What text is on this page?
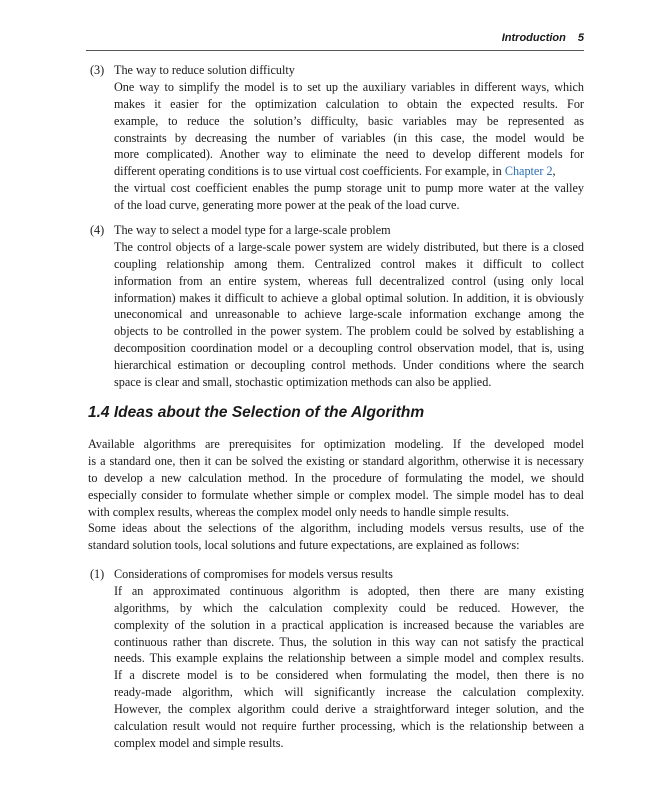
Introduction 5
(3) The way to reduce solution difficulty
One way to simplify the model is to set up the auxiliary variables in different ways, which
makes it easier for the optimization calculation to obtain the expected results. For
example, to reduce the solution’s difficulty, basic variables may be represented as
constraints by decreasing the number of variables (in this case, the model would be
more complicated). Another way to eliminate the need to develop different models for
different operating conditions is to use virtual cost coefficients. For example, in Chapter 2,
the virtual cost coefficient enables the pump storage unit to pump more water at the valley
of the load curve, generating more power at the peak of the load curve.
(4) The way to select a model type for a large-scale problem
The control objects of a large-scale power system are widely distributed, but there is a closed
coupling relationship among them. Centralized control makes it difficult to collect
information from an entire system, whereas full decentralized control (using only local
information) makes it difficult to achieve a global optimal solution. In addition, it is obviously
uneconomical and unreasonable to achieve large-scale information exchange among the
objects to be controlled in the power system. The problem could be solved by establishing a
decomposition coordination model or a decoupling control observation model, that is, using
hierarchical estimation or decoupling control methods. Under conditions where the search
space is clear and small, stochastic optimization methods can also be applied.
1.4 Ideas about the Selection of the Algorithm
Available algorithms are prerequisites for optimization modeling. If the developed model
is a standard one, then it can be solved the existing or standard algorithm, otherwise it is necessary
to develop a new calculation method. In the procedure of formulating the model, we should
especially consider to formulate whether simple or complex model. The simple model has to deal
with complex results, whereas the complex model only needs to handle simple results.
Some ideas about the selections of the algorithm, including models versus results, use of the
standard solution tools, local solutions and future expectations, are explained as follows:
(1) Considerations of compromises for models versus results
If an approximated continuous algorithm is adopted, then there are many existing
algorithms, by which the calculation complexity could be reduced. However, the
complexity of the solution in a practical application is increased because the variables are
continuous rather than discrete. Thus, the solution in this way can not satisfy the practical
needs. This example explains the relationship between a simple model and complex results.
If a discrete model is to be considered when formulating the model, then there is no
ready-made algorithm, which will significantly increase the calculation complexity.
However, the complex algorithm could derive a straightforward integer solution, and the
calculation result would not require further processing, which is the relationship between a
complex model and simple results.
